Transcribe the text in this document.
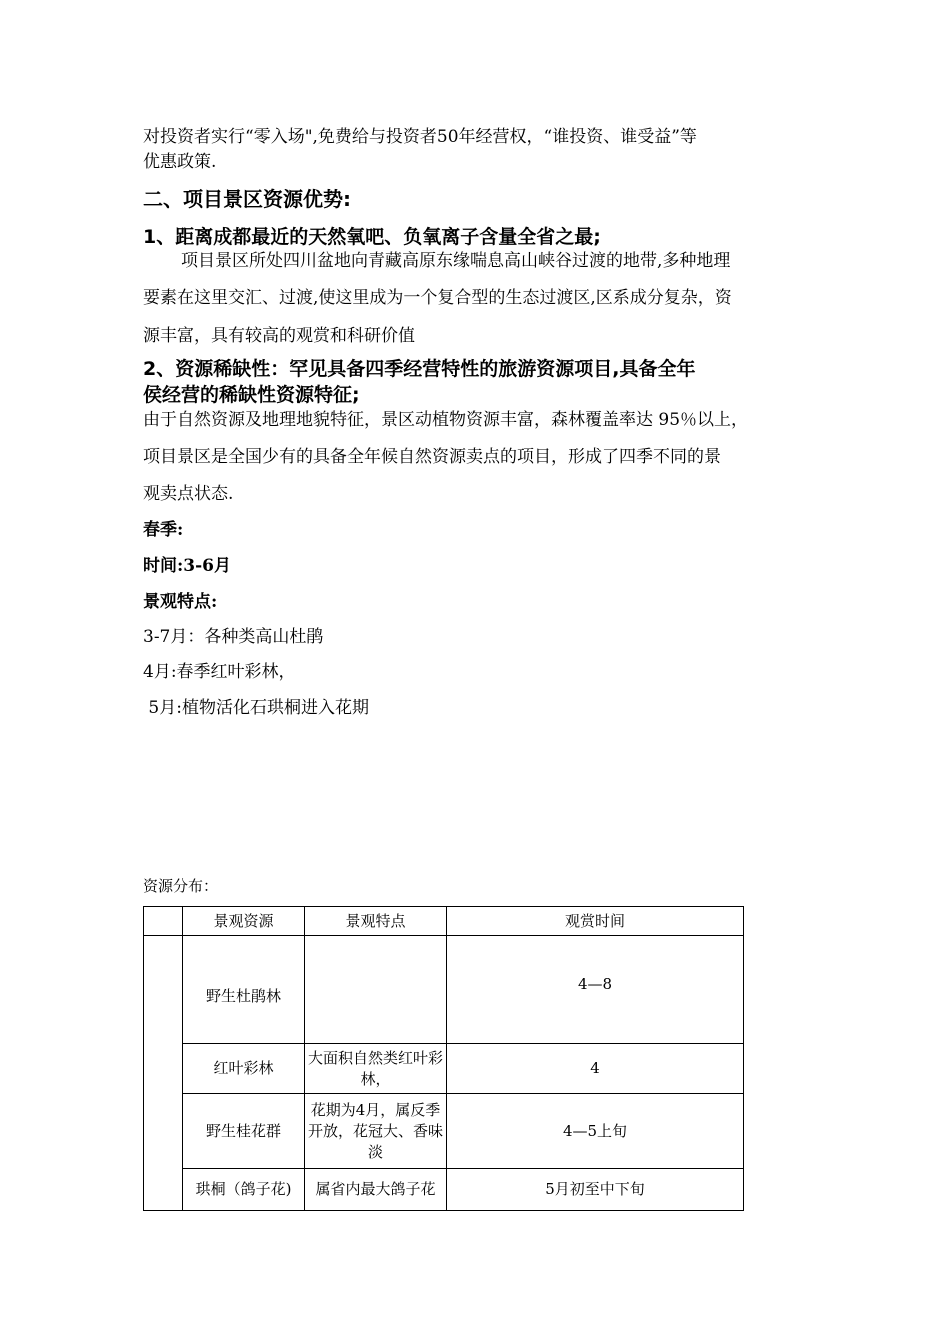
对投资者实行“零入场",免费给与投资者50年经营权，“谁投资、谁受益”等
优惠政策.
二、项目景区资源优势:
1、距离成都最近的天然氧吧、负氧离子含量全省之最;
项目景区所处四川盆地向青藏高原东缘喘息高山峡谷过渡的地带,多种地理
要素在这里交汇、过渡,使这里成为一个复合型的生态过渡区,区系成分复杂，资
源丰富，具有较高的观赏和科研价值
2、资源稀缺性：罕见具备四季经营特性的旅游资源项目,具备全年
侯经营的稀缺性资源特征;
由于自然资源及地理地貌特征，景区动植物资源丰富，森林覆盖率达 95％以上，
项目景区是全国少有的具备全年候自然资源卖点的项目，形成了四季不同的景
观卖点状态.
春季:
时间:3-6月
景观特点:
3-7月：各种类高山杜鹃
4月:春季红叶彩林，
5月:植物活化石珙桐进入花期
资源分布：
	景观资源	景观特点	观赏时间

	野生杜鹃林		4—8

	红叶彩林	大面积自然类红叶彩林，	4
	野生桂花群	花期为4月，属反季开放，花冠大、香味淡	4—5上旬
	珙桐（鸽子花)	属省内最大鸽子花	5月初至中下旬
